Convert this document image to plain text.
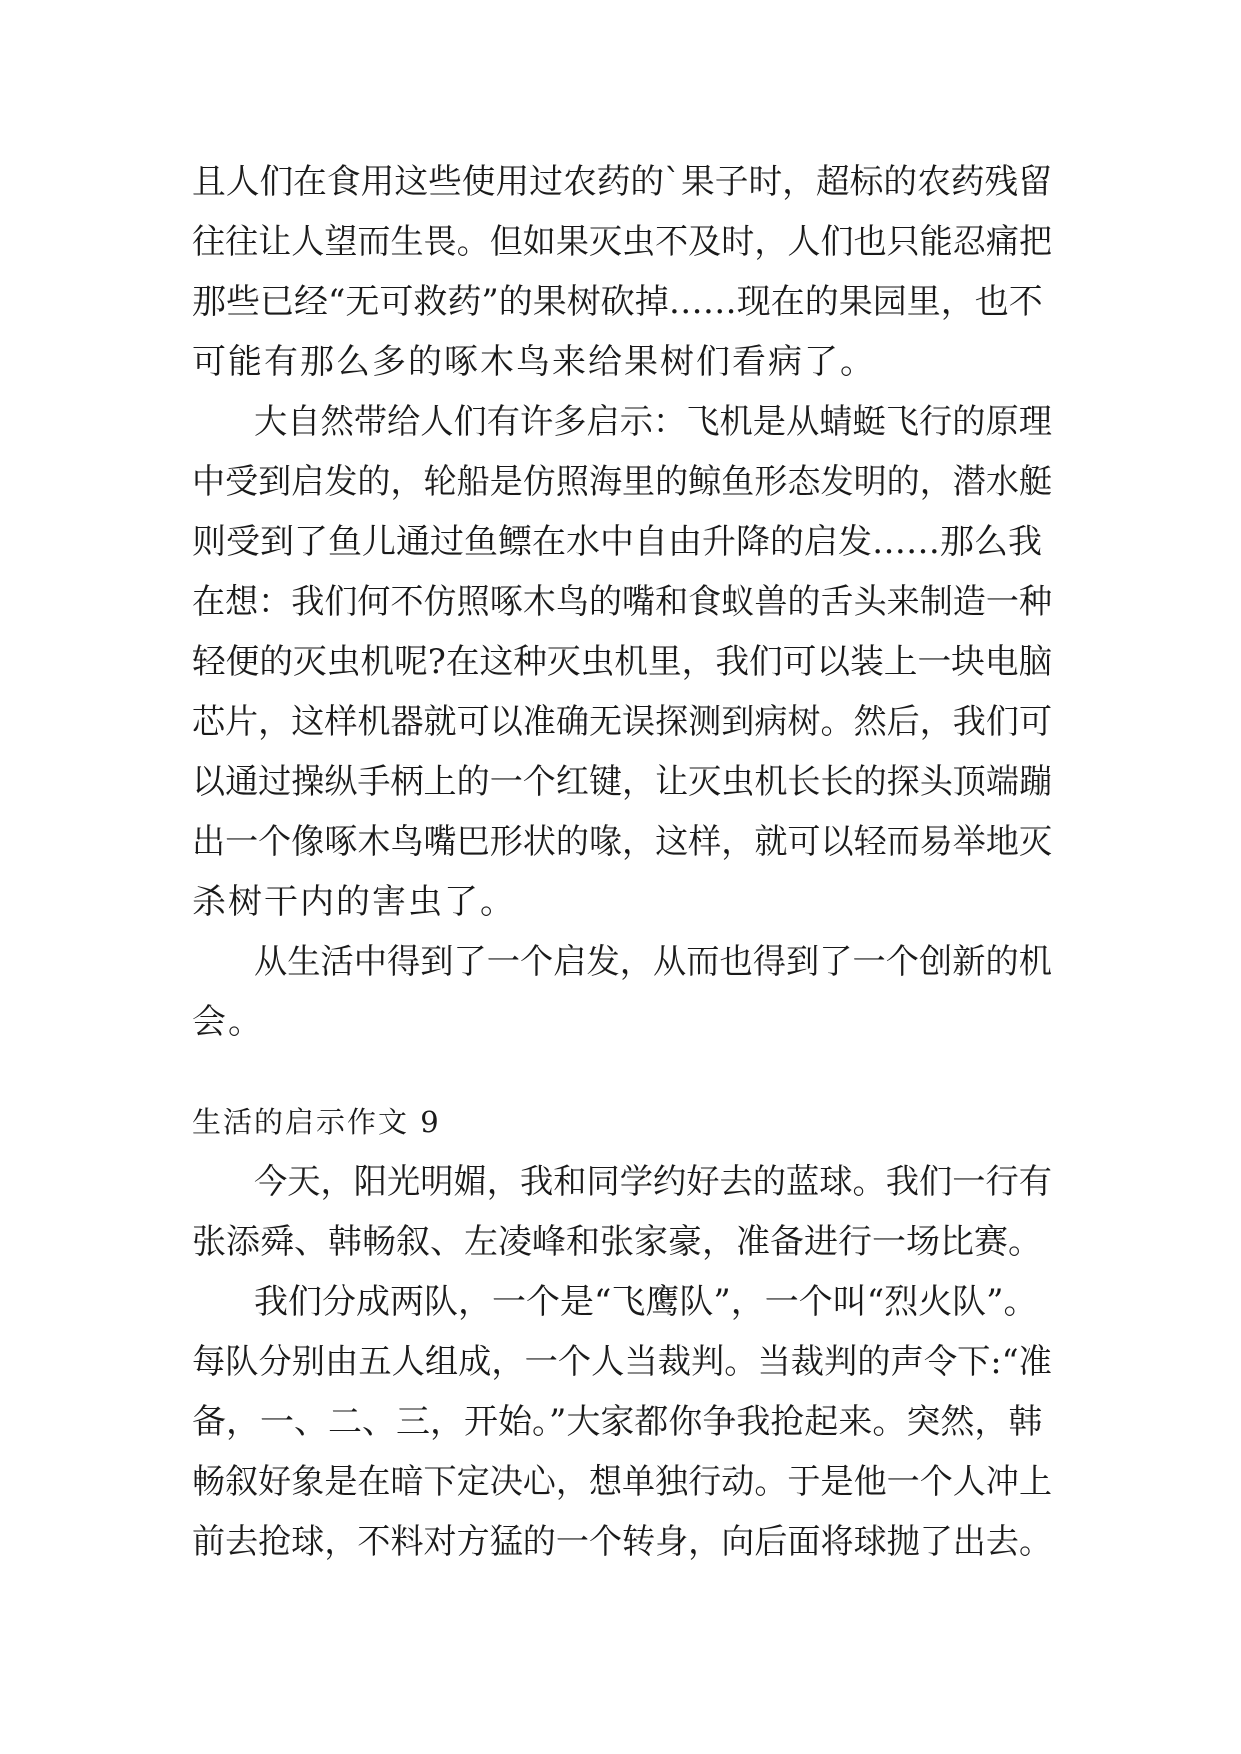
且人们在食用这些使用过农药的`果子时，超标的农药残留
往往让人望而生畏。但如果灭虫不及时，人们也只能忍痛把
那些已经“无可救药”的果树砍掉……现在的果园里，也不
可能有那么多的啄木鸟来给果树们看病了。
大自然带给人们有许多启示：飞机是从蜻蜓飞行的原理
中受到启发的，轮船是仿照海里的鲸鱼形态发明的，潜水艇
则受到了鱼儿通过鱼鳔在水中自由升降的启发……那么我
在想：我们何不仿照啄木鸟的嘴和食蚁兽的舌头来制造一种
轻便的灭虫机呢?在这种灭虫机里，我们可以装上一块电脑
芯片，这样机器就可以准确无误探测到病树。然后，我们可
以通过操纵手柄上的一个红键，让灭虫机长长的探头顶端蹦
出一个像啄木鸟嘴巴形状的喙，这样，就可以轻而易举地灭
杀树干内的害虫了。
从生活中得到了一个启发，从而也得到了一个创新的机
会。
生活的启示作文 9
今天，阳光明媚，我和同学约好去的蓝球。我们一行有
张添舜、韩畅叙、左凌峰和张家豪，准备进行一场比赛。
我们分成两队，一个是“飞鹰队”，一个叫“烈火队”。
每队分别由五人组成，一个人当裁判。当裁判的声令下:“准
备，一、二、三，开始。”大家都你争我抢起来。突然，韩
畅叙好象是在暗下定决心，想单独行动。于是他一个人冲上
前去抢球，不料对方猛的一个转身，向后面将球抛了出去。
